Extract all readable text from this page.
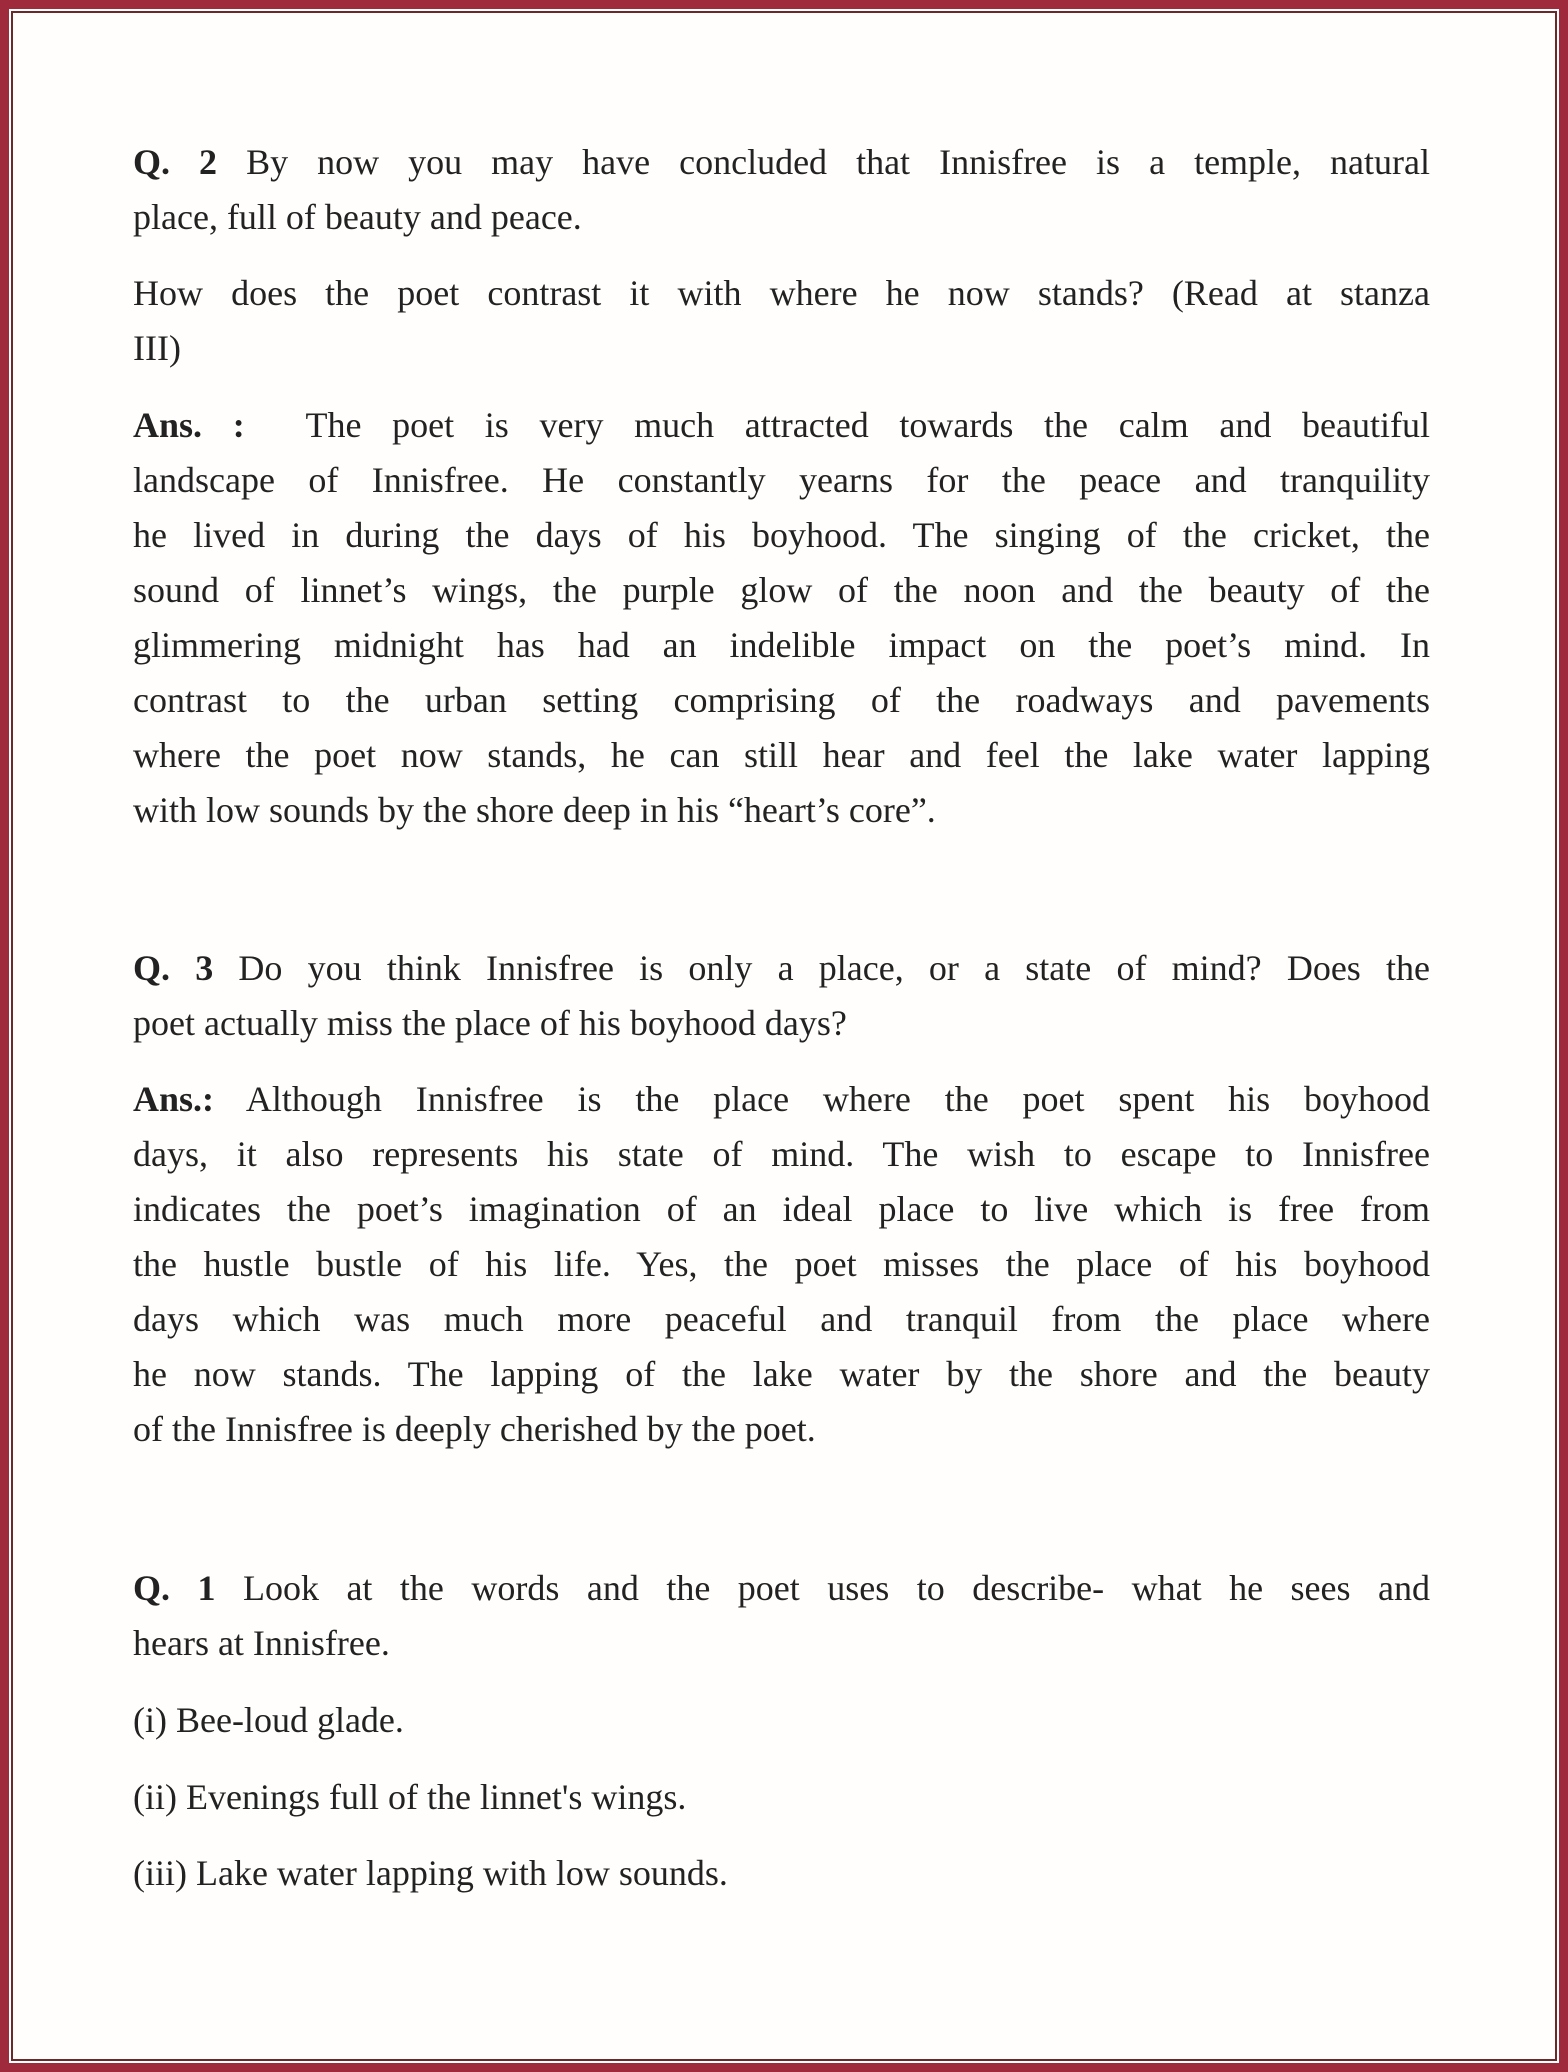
Q. 2 By now you may have concluded that Innisfree is a temple, natural
place, full of beauty and peace.
How does the poet contrast it with where he now stands? (Read at stanza
III)
Ans. : The poet is very much attracted towards the calm and beautiful
landscape of Innisfree. He constantly yearns for the peace and tranquility
he lived in during the days of his boyhood. The singing of the cricket, the
sound of linnet’s wings, the purple glow of the noon and the beauty of the
glimmering midnight has had an indelible impact on the poet’s mind. In
contrast to the urban setting comprising of the roadways and pavements
where the poet now stands, he can still hear and feel the lake water lapping
with low sounds by the shore deep in his “heart’s core”.
Q. 3 Do you think Innisfree is only a place, or a state of mind? Does the
poet actually miss the place of his boyhood days?
Ans.: Although Innisfree is the place where the poet spent his boyhood
days, it also represents his state of mind. The wish to escape to Innisfree
indicates the poet’s imagination of an ideal place to live which is free from
the hustle bustle of his life. Yes, the poet misses the place of his boyhood
days which was much more peaceful and tranquil from the place where
he now stands. The lapping of the lake water by the shore and the beauty
of the Innisfree is deeply cherished by the poet.
Q. 1 Look at the words and the poet uses to describe- what he sees and
hears at Innisfree.
(i) Bee-loud glade.
(ii) Evenings full of the linnet's wings.
(iii) Lake water lapping with low sounds.
